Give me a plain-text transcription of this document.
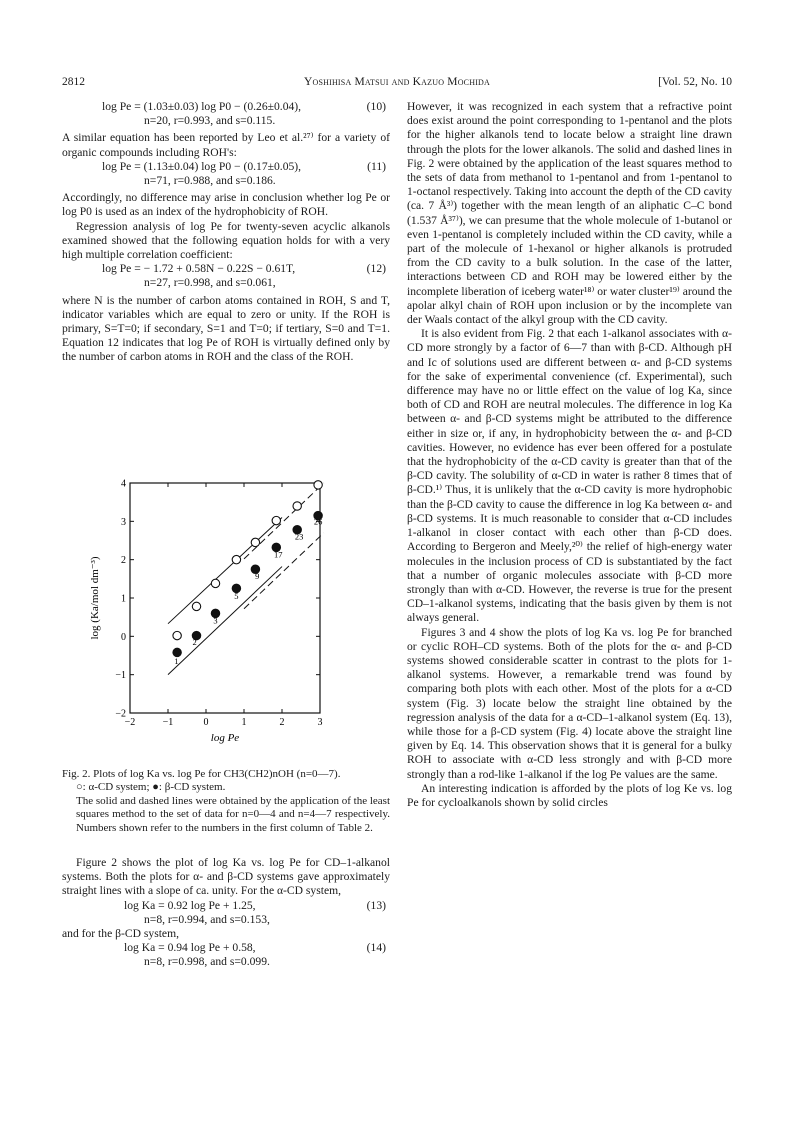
2812	Yoshihisa Matsui and Kazuo Mochida	[Vol. 52, No. 10
log Pe = (1.03±0.03) log P0 − (0.26±0.04),	(10)
n=20, r=0.993, and s=0.115.

A similar equation has been reported by Leo et al.²⁷⁾ for a variety of organic compounds including ROH's:

log Pe = (1.13±0.04) log P0 − (0.17±0.05),	(11)
n=71, r=0.988, and s=0.186.

Accordingly, no difference may arise in conclusion whether log Pe or log P0 is used as an index of the hydrophobicity of ROH.

Regression analysis of log Pe for twenty-seven acyclic alkanols examined showed that the following equation holds for with a very high multiple correlation coefficient:

log Pe = − 1.72 + 0.58N − 0.22S − 0.61T,	(12)
n=27, r=0.998, and s=0.061,

where N is the number of carbon atoms contained in ROH, S and T, indicator variables which are equal to zero or unity. If the ROH is primary, S=T=0; if secondary, S=1 and T=0; if tertiary, S=0 and T=1. Equation 12 indicates that log Pe of ROH is virtually defined only by the number of carbon atoms in ROH and the class of the ROH.

−2	−1	0	1	2	3
−2
−1
0
1
2
3
4
log Pe
log (Ka/mol dm⁻³)
1
2
3
5
9
17
23
26

Fig. 2. Plots of log Ka vs. log Pe for CH3(CH2)nOH (n=0—7).

○: α-CD system; ●: β-CD system.

The solid and dashed lines were obtained by the application of the least squares method to the set of data for n=0—4 and n=4—7 respectively. Numbers shown refer to the numbers in the first column of Table 2.

Figure 2 shows the plot of log Ka vs. log Pe for CD–1-alkanol systems. Both the plots for α- and β-CD systems gave approximately straight lines with a slope of ca. unity. For the α-CD system,

log Ka = 0.92 log Pe + 1.25,	(13)
n=8, r=0.994, and s=0.153,

and for the β-CD system,

log Ka = 0.94 log Pe + 0.58,	(14)
n=8, r=0.998, and s=0.099.

However, it was recognized in each system that a refractive point does exist around the point corresponding to 1-pentanol and the plots for the higher alkanols tend to locate below a straight line drawn through the plots for the lower alkanols. The solid and dashed lines in Fig. 2 were obtained by the application of the least squares method to the sets of data from methanol to 1-pentanol and from 1-pentanol to 1-octanol respectively. Taking into account the depth of the CD cavity (ca. 7 Å³⁾) together with the mean length of an aliphatic C–C bond (1.537 Å³⁷⁾), we can presume that the whole molecule of 1-butanol or even 1-pentanol is completely included within the CD cavity, while a part of the molecule of 1-hexanol or higher alkanols is protruded from the CD cavity to a bulk solution. In the case of the latter, interactions between CD and ROH may be lowered either by the incomplete liberation of iceberg water¹⁸⁾ or water cluster¹⁹⁾ around the apolar alkyl chain of ROH upon inclusion or by the incomplete van der Waals contact of the alkyl group with the CD cavity.

It is also evident from Fig. 2 that each 1-alkanol associates with α-CD more strongly by a factor of 6—7 than with β-CD. Although pH and Ic of solutions used are different between α- and β-CD systems for the sake of experimental convenience (cf. Experimental), such difference may have no or little effect on the value of log Ka, since both of CD and ROH are neutral molecules. The difference in log Ka between α- and β-CD systems might be attributed to the difference either in size or, if any, in hydrophobicity between the α- and β-CD cavities. However, no evidence has ever been offered for a postulate that the hydrophobicity of the α-CD cavity is greater than that of the β-CD cavity. The solubility of α-CD in water is rather 8 times that of β-CD.¹⁾ Thus, it is unlikely that the α-CD cavity is more hydrophobic than the β-CD cavity to cause the difference in log Ka between α- and β-CD systems. It is much reasonable to consider that α-CD includes 1-alkanol in closer contact with each other than β-CD does. According to Bergeron and Meely,²⁰⁾ the relief of high-energy water molecules in the inclusion process of CD is substantiated by the fact that a number of organic molecules associate with β-CD more strongly than with α-CD. However, the reverse is true for the present CD–1-alkanol systems, indicating that the basis given by them is not always general.

Figures 3 and 4 show the plots of log Ka vs. log Pe for branched or cyclic ROH–CD systems. Both of the plots for the α- and β-CD systems showed considerable scatter in contrast to the plots for 1-alkanol systems. However, a remarkable trend was found by comparing both plots with each other. Most of the plots for a α-CD system (Fig. 3) locate below the straight line obtained by the regression analysis of the data for a α-CD–1-alkanol system (Eq. 13), while those for a β-CD system (Fig. 4) locate above the straight line given by Eq. 14. This observation shows that it is general for a bulky ROH to associate with α-CD less strongly and with β-CD more strongly than a rod-like 1-alkanol if the log Pe values are the same.

An interesting indication is afforded by the plots of log Ke vs. log Pe for cycloalkanols shown by solid circles
